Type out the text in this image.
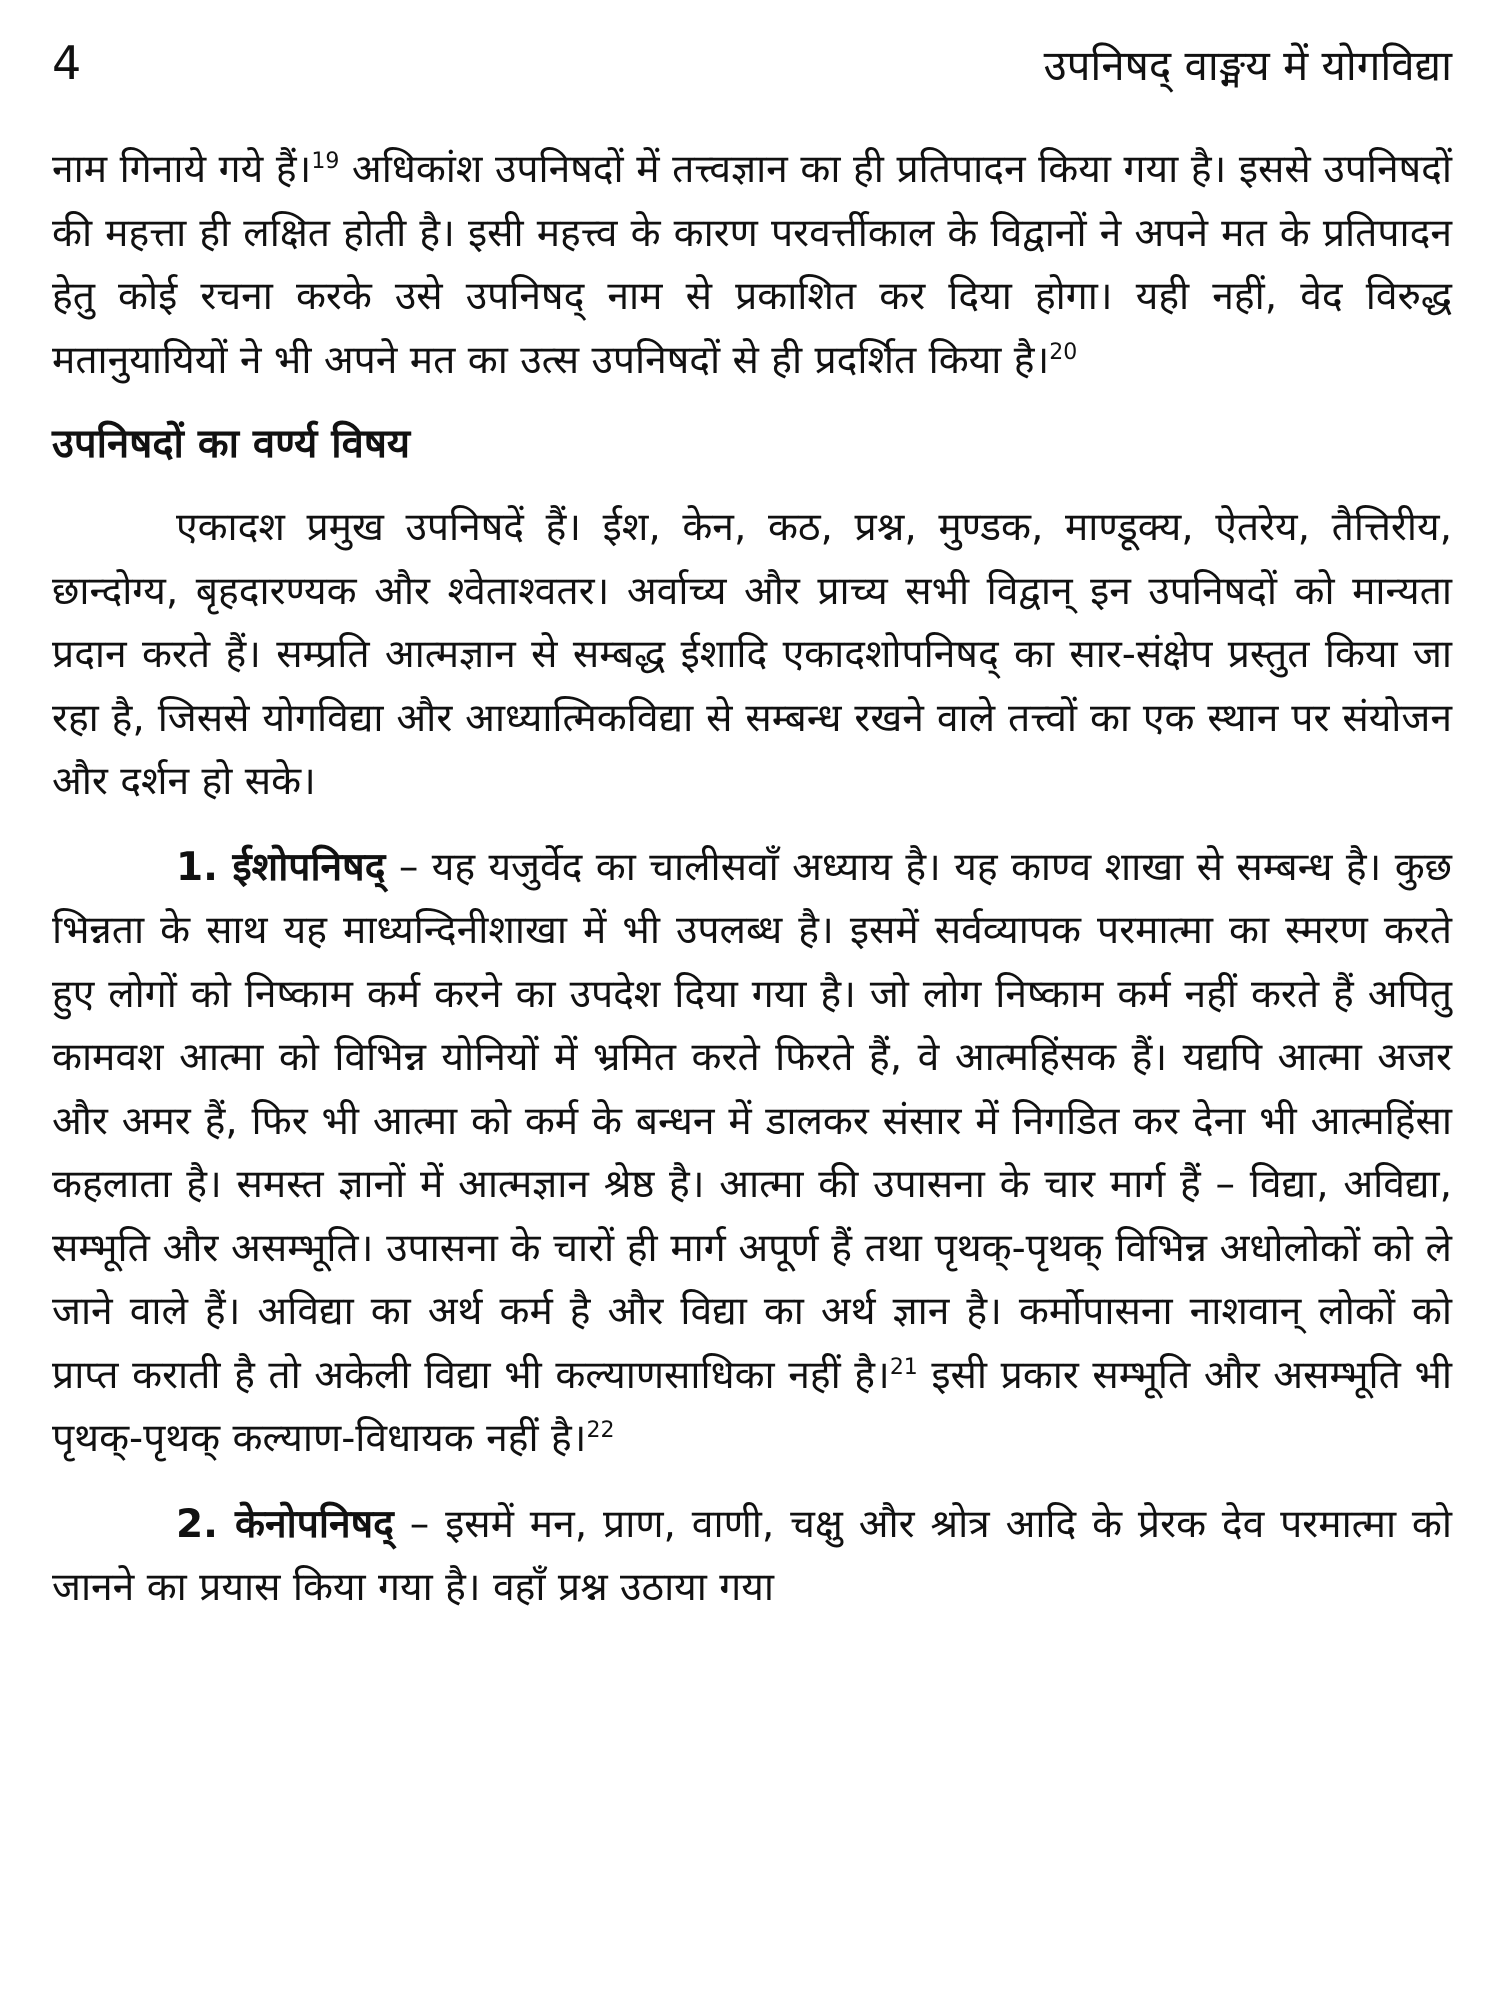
4	उपनिषद् वाङ्मय में योगविद्या

नाम गिनाये गये हैं।$^{19}$ अधिकांश उपनिषदों में तत्त्वज्ञान का ही प्रतिपादन किया गया है। इससे उपनिषदों की महत्ता ही लक्षित होती है। इसी महत्त्व के कारण परवर्त्तीकाल के विद्वानों ने अपने मत के प्रतिपादन हेतु कोई रचना करके उसे उपनिषद् नाम से प्रकाशित कर दिया होगा। यही नहीं, वेद विरुद्ध मतानुयायियों ने भी अपने मत का उत्स उपनिषदों से ही प्रदर्शित किया है।$^{20}$

उपनिषदों का वर्ण्य विषय

एकादश प्रमुख उपनिषदें हैं। ईश, केन, कठ, प्रश्न, मुण्डक, माण्डूक्य, ऐतरेय, तैत्तिरीय, छान्दोग्य, बृहदारण्यक और श्वेताश्वतर। अर्वाच्य और प्राच्य सभी विद्वान् इन उपनिषदों को मान्यता प्रदान करते हैं। सम्प्रति आत्मज्ञान से सम्बद्ध ईशादि एकादशोपनिषद् का सार-संक्षेप प्रस्तुत किया जा रहा है, जिससे योगविद्या और आध्यात्मिकविद्या से सम्बन्ध रखने वाले तत्त्वों का एक स्थान पर संयोजन और दर्शन हो सके।

1. ईशोपनिषद् – यह यजुर्वेद का चालीसवाँ अध्याय है। यह काण्व शाखा से सम्बन्ध है। कुछ भिन्नता के साथ यह माध्यन्दिनीशाखा में भी उपलब्ध है। इसमें सर्वव्यापक परमात्मा का स्मरण करते हुए लोगों को निष्काम कर्म करने का उपदेश दिया गया है। जो लोग निष्काम कर्म नहीं करते हैं अपितु कामवश आत्मा को विभिन्न योनियों में भ्रमित करते फिरते हैं, वे आत्महिंसक हैं। यद्यपि आत्मा अजर और अमर हैं, फिर भी आत्मा को कर्म के बन्धन में डालकर संसार में निगडित कर देना भी आत्महिंसा कहलाता है। समस्त ज्ञानों में आत्मज्ञान श्रेष्ठ है। आत्मा की उपासना के चार मार्ग हैं – विद्या, अविद्या, सम्भूति और असम्भूति। उपासना के चारों ही मार्ग अपूर्ण हैं तथा पृथक्-पृथक् विभिन्न अधोलोकों को ले जाने वाले हैं। अविद्या का अर्थ कर्म है और विद्या का अर्थ ज्ञान है। कर्मोपासना नाशवान् लोकों को प्राप्त कराती है तो अकेली विद्या भी कल्याणसाधिका नहीं है।$^{21}$ इसी प्रकार सम्भूति और असम्भूति भी पृथक्-पृथक् कल्याण-विधायक नहीं है।$^{22}$

2. केनोपनिषद् – इसमें मन, प्राण, वाणी, चक्षु और श्रोत्र आदि के प्रेरक देव परमात्मा को जानने का प्रयास किया गया है। वहाँ प्रश्न उठाया गया
